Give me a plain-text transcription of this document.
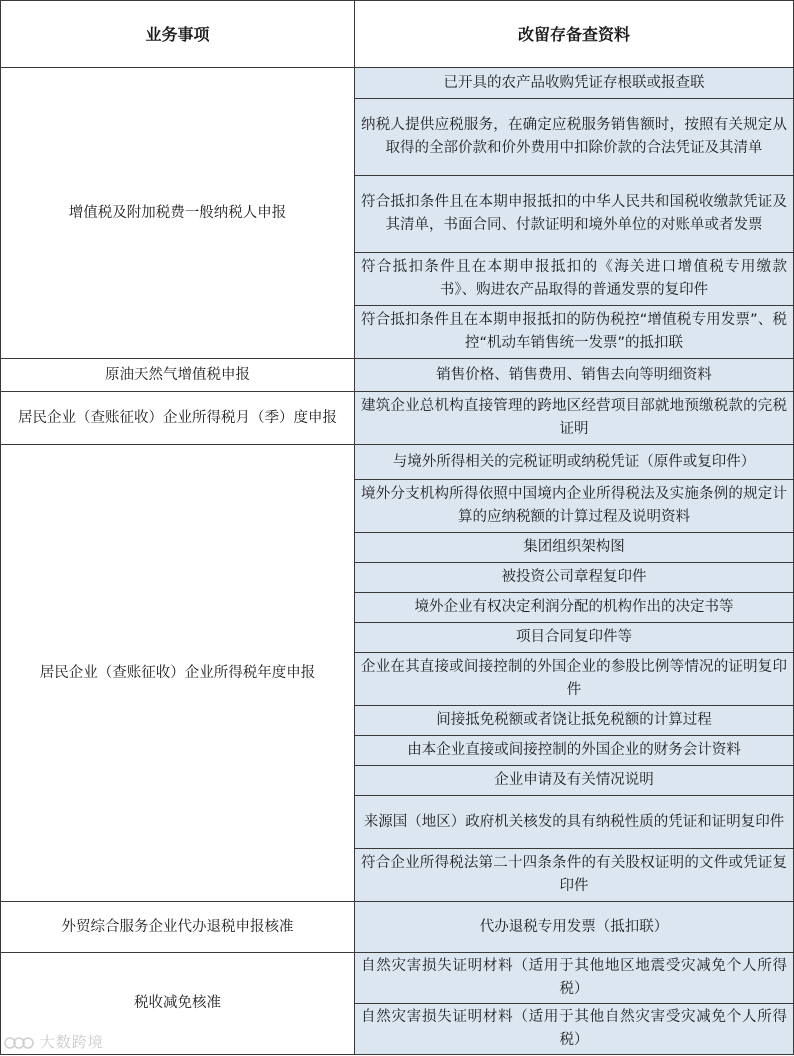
业务事项	改留存备查资料
增值税及附加税费一般纳税人申报	已开具的农产品收购凭证存根联或报查联
	纳税人提供应税服务，在确定应税服务销售额时，按照有关规定从取得的全部价款和价外费用中扣除价款的合法凭证及其清单
	符合抵扣条件且在本期申报抵扣的中华人民共和国税收缴款凭证及其清单，书面合同、付款证明和境外单位的对账单或者发票
	符合抵扣条件且在本期申报抵扣的《海关进口增值税专用缴款书》、购进农产品取得的普通发票的复印件
	符合抵扣条件且在本期申报抵扣的防伪税控“增值税专用发票”、税控“机动车销售统一发票”的抵扣联
原油天然气增值税申报	销售价格、销售费用、销售去向等明细资料
居民企业（查账征收）企业所得税月（季）度申报	建筑企业总机构直接管理的跨地区经营项目部就地预缴税款的完税证明
居民企业（查账征收）企业所得税年度申报	与境外所得相关的完税证明或纳税凭证（原件或复印件）
	境外分支机构所得依照中国境内企业所得税法及实施条例的规定计算的应纳税额的计算过程及说明资料
	集团组织架构图
	被投资公司章程复印件
	境外企业有权决定利润分配的机构作出的决定书等
	项目合同复印件等
	企业在其直接或间接控制的外国企业的参股比例等情况的证明复印件
	间接抵免税额或者饶让抵免税额的计算过程
	由本企业直接或间接控制的外国企业的财务会计资料
	企业申请及有关情况说明
	来源国（地区）政府机关核发的具有纳税性质的凭证和证明复印件
	符合企业所得税法第二十四条条件的有关股权证明的文件或凭证复印件
外贸综合服务企业代办退税申报核准	代办退税专用发票（抵扣联）
税收减免核准	自然灾害损失证明材料（适用于其他地区地震受灾减免个人所得税）
	自然灾害损失证明材料（适用于其他自然灾害受灾减免个人所得税）
大数跨境
